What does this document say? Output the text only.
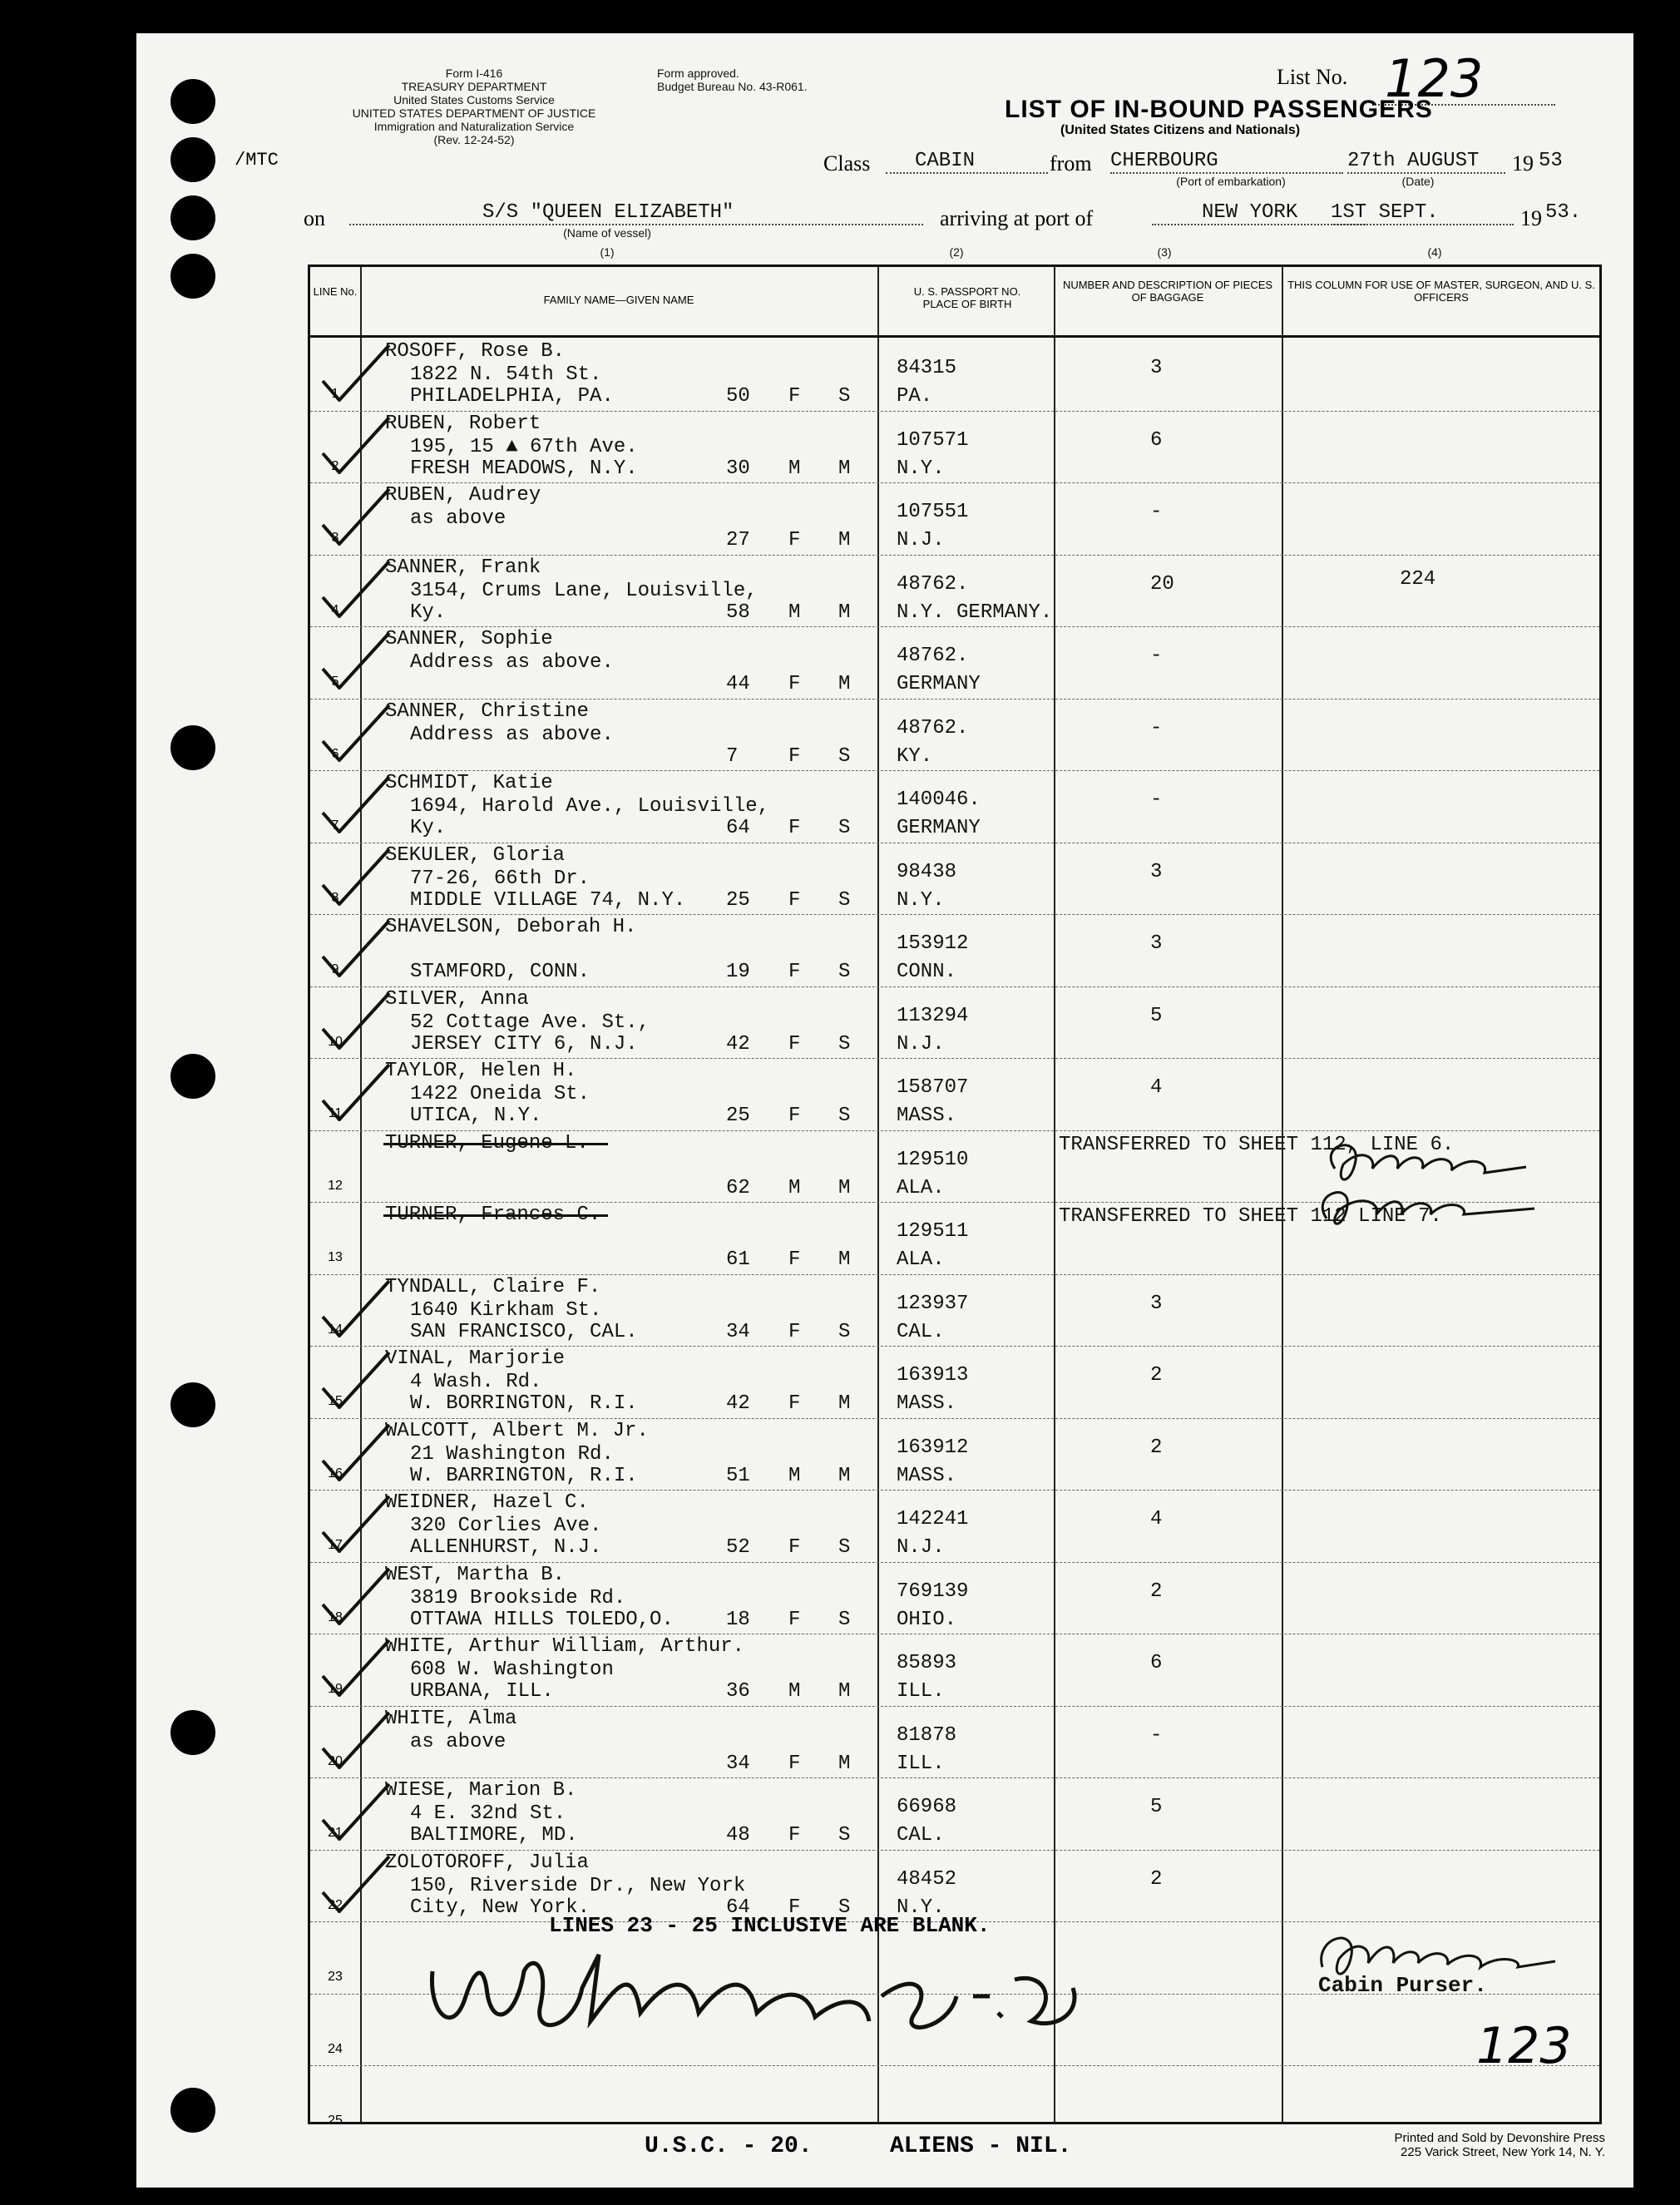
Form I-416
TREASURY DEPARTMENT
United States Customs Service
UNITED STATES DEPARTMENT OF JUSTICE
Immigration and Naturalization Service
(Rev. 12-24-52)
Form approved.
Budget Bureau No. 43-R061.
/MTC
List No. 123
LIST OF IN-BOUND PASSENGERS
(United States Citizens and Nationals)
Class	CABIN	from CHERBOURG
(Port of embarkation)
27th AUGUST
(Date)
19 53
on	S/S "QUEEN ELIZABETH"
(Name of vessel)
arriving at port of	NEW YORK	1ST SEPT.	19 53.
(1)	(2)	(3)	(4)
LINE No.
FAMILY NAME—GIVEN NAME
U. S. PASSPORT NO. PLACE OF BIRTH
NUMBER AND DESCRIPTION OF PIECES OF BAGGAGE
THIS COLUMN FOR USE OF MASTER, SURGEON, AND U. S. OFFICERS
1
ROSOFF, Rose B.
1822 N. 54th St.
PHILADELPHIA, PA.	50 F S
84315
PA.
3
2
RUBEN, Robert
195, 15 ▲ 67th Ave.
FRESH MEADOWS, N.Y.	30 M M
107571
N.Y.
6
3
RUBEN, Audrey
as above
27 F M
107551
N.J.
-
4
SANNER, Frank
3154, Crums Lane, Louisville,
Ky.	58 M M
48762.
N.Y. GERMANY.
20	224
5
SANNER, Sophie
Address as above.
44 F M
48762.
GERMANY
-
6
SANNER, Christine
Address as above.
7	F S
48762.
KY.
-
7
SCHMIDT, Katie
1694, Harold Ave., Louisville,
Ky.	64 F S
140046.
GERMANY
-
8
SEKULER, Gloria
77-26, 66th Dr.
MIDDLE VILLAGE 74, N.Y. 25 F S
98438
N.Y.
3
9
SHAVELSON, Deborah H.
STAMFORD, CONN.	19 F S
153912
CONN.
3
10
SILVER, Anna
52 Cottage Ave. St.,
JERSEY CITY 6, N.J.	42 F S
113294
N.J.
5
11
TAYLOR, Helen H.
1422 Oneida St.
UTICA, N.Y.	25 F S
158707
MASS.
4
12
TURNER, Eugene L.
62 M M
129510
ALA.
TRANSFERRED TO SHEET 112, LINE 6.
13
TURNER, Frances C.
61 F M
129511
ALA.
TRANSFERRED TO SHEET 112 LINE 7.
14
TYNDALL, Claire F.
1640 Kirkham St.
SAN FRANCISCO, CAL.	34 F S
123937
CAL.
3
15
VINAL, Marjorie
4 Wash. Rd.
W. BORRINGTON, R.I.	42 F M
163913
MASS.
2
16
WALCOTT, Albert M. Jr.
21 Washington Rd.
W. BARRINGTON, R.I.	51 M M
163912
MASS.
2
17
WEIDNER, Hazel C.
320 Corlies Ave.
ALLENHURST, N.J.	52 F S
142241
N.J.
4
18
WEST, Martha B.
3819 Brookside Rd.
OTTAWA HILLS TOLEDO,O.	18 F S
769139
OHIO.
2
19
WHITE, Arthur William, Arthur.
608 W. Washington
URBANA, ILL.	36 M M
85893
ILL.
6
20
WHITE, Alma
as above
34 F M
81878
ILL.
-
21
WIESE, Marion B.
4 E. 32nd St.
BALTIMORE, MD.	48 F S
66968
CAL.
5
22
ZOLOTOROFF, Julia
150, Riverside Dr., New York
City, New York.	64 F S
48452
N.Y.
2
23
24
25
LINES 23 - 25 INCLUSIVE ARE BLANK.
Cabin Purser.
123
U.S.C. - 20.	ALIENS - NIL.	Printed and Sold by Devonshire Press
225 Varick Street, New York 14, N. Y.
